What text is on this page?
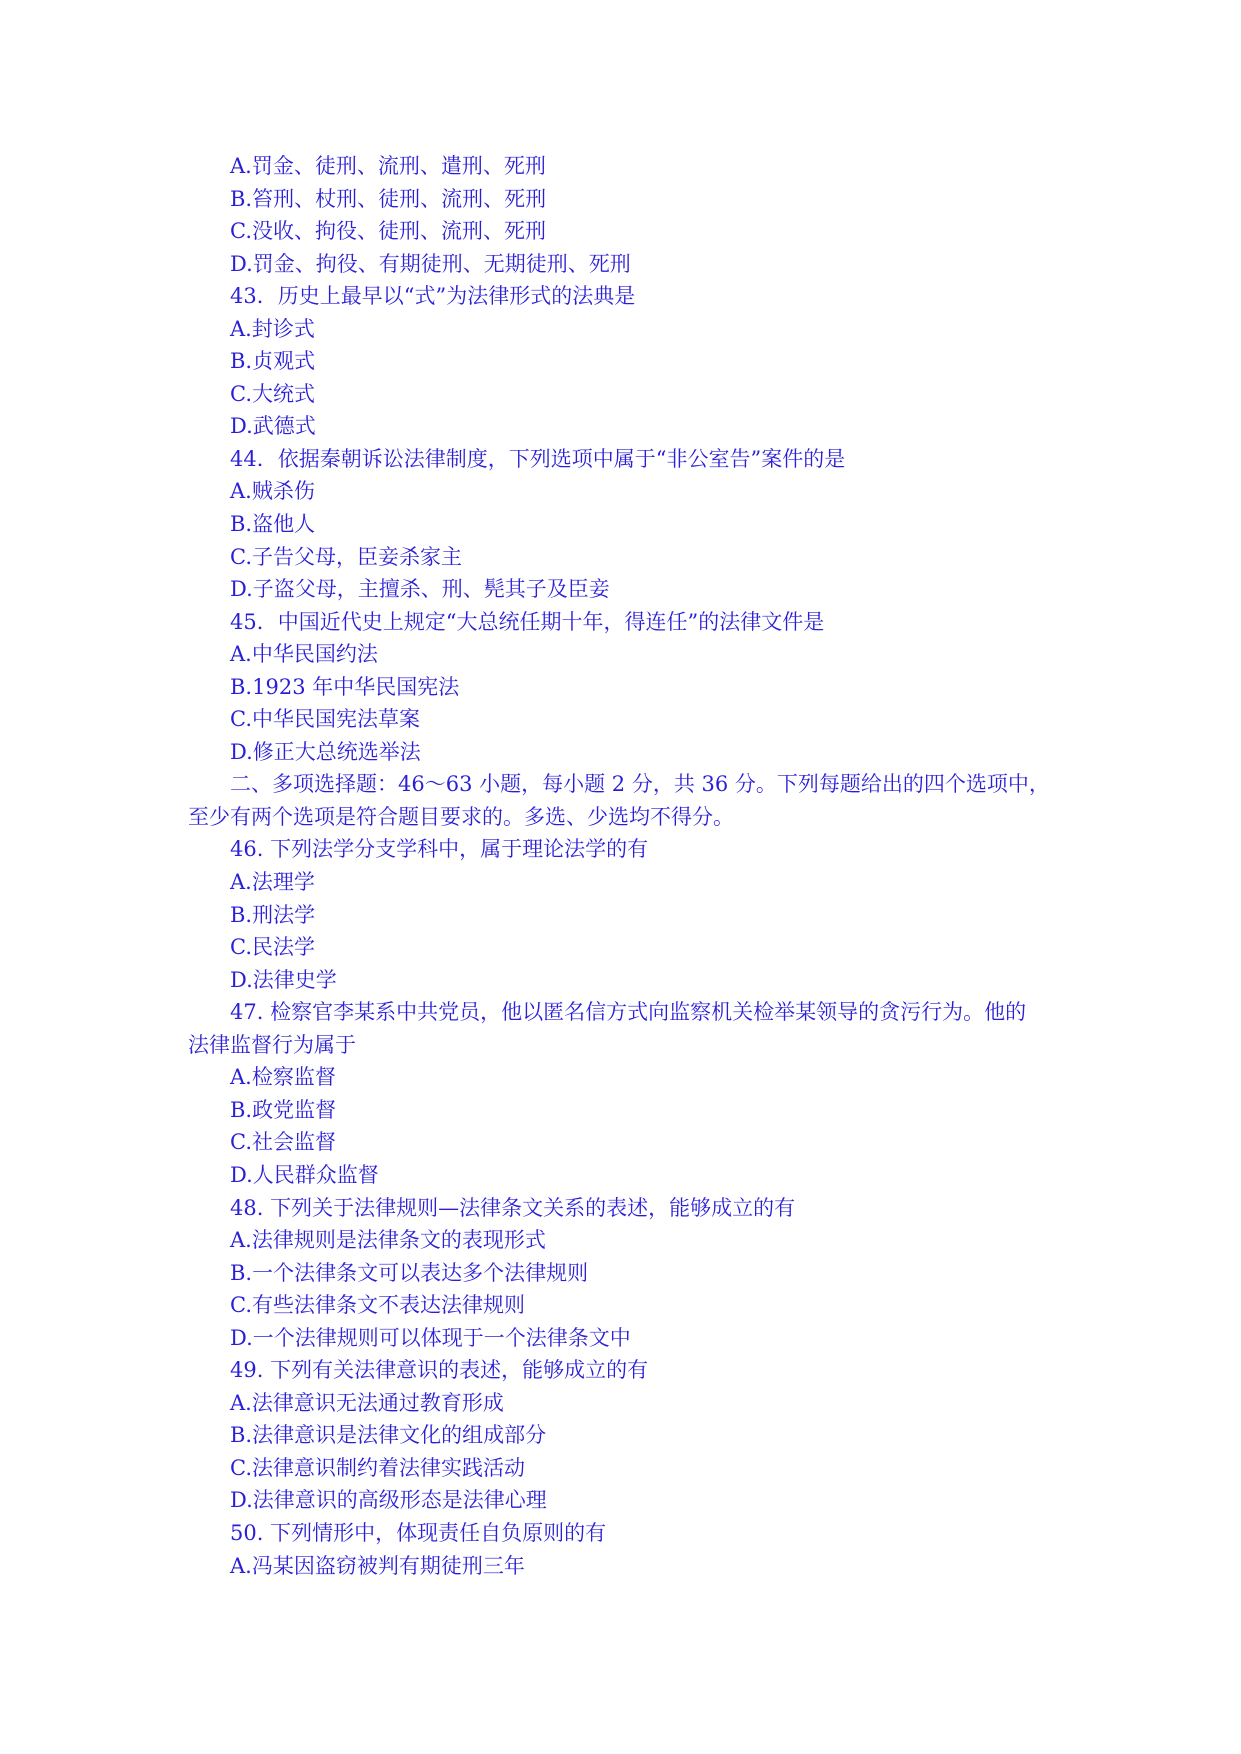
A.罚金、徒刑、流刑、遣刑、死刑
B.笞刑、杖刑、徒刑、流刑、死刑
C.没收、拘役、徒刑、流刑、死刑
D.罚金、拘役、有期徒刑、无期徒刑、死刑
43．历史上最早以“式”为法律形式的法典是
A.封诊式
B.贞观式
C.大统式
D.武德式
44．依据秦朝诉讼法律制度，下列选项中属于“非公室告”案件的是
A.贼杀伤
B.盗他人
C.子告父母，臣妾杀家主
D.子盗父母，主擅杀、刑、髡其子及臣妾
45．中国近代史上规定“大总统任期十年，得连任”的法律文件是
A.中华民国约法
B.1923 年中华民国宪法
C.中华民国宪法草案
D.修正大总统选举法
二、多项选择题：46～63 小题，每小题 2 分，共 36 分。下列每题给出的四个选项中，
至少有两个选项是符合题目要求的。多选、少选均不得分。
46. 下列法学分支学科中，属于理论法学的有
A.法理学
B.刑法学
C.民法学
D.法律史学
47. 检察官李某系中共党员，他以匿名信方式向监察机关检举某领导的贪污行为。他的
法律监督行为属于
A.检察监督
B.政党监督
C.社会监督
D.人民群众监督
48. 下列关于法律规则—法律条文关系的表述，能够成立的有
A.法律规则是法律条文的表现形式
B.一个法律条文可以表达多个法律规则
C.有些法律条文不表达法律规则
D.一个法律规则可以体现于一个法律条文中
49. 下列有关法律意识的表述，能够成立的有
A.法律意识无法通过教育形成
B.法律意识是法律文化的组成部分
C.法律意识制约着法律实践活动
D.法律意识的高级形态是法律心理
50. 下列情形中，体现责任自负原则的有
A.冯某因盗窃被判有期徒刑三年
